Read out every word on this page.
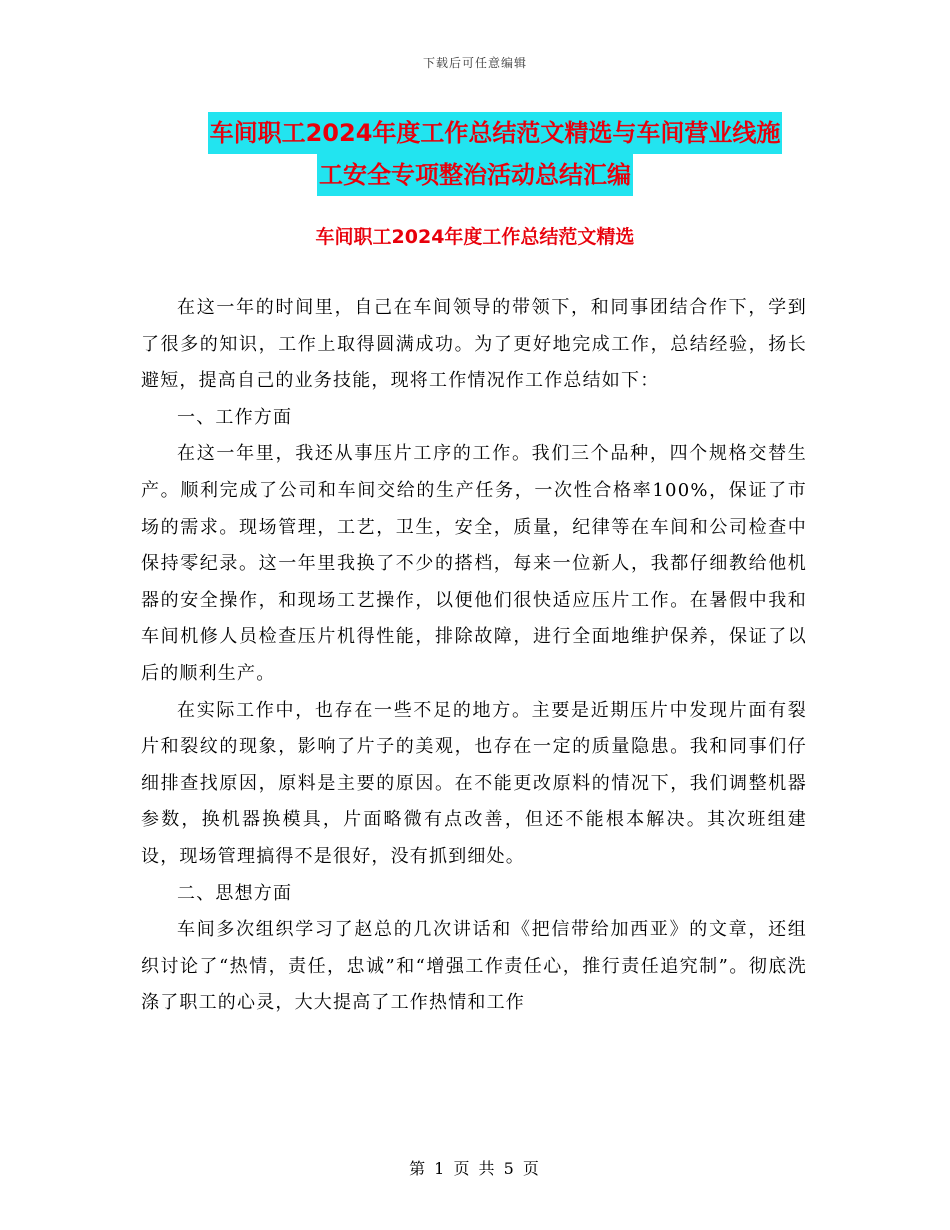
下载后可任意编辑
车间职工2024年度工作总结范文精选与车间营业线施
工安全专项整治活动总结汇编
车间职工2024年度工作总结范文精选

在这一年的时间里，自己在车间领导的带领下，和同事团结合作下，学到了很多的知识，工作上取得圆满成功。为了更好地完成工作，总结经验，扬长避短，提高自己的业务技能，现将工作情况作工作总结如下：

一、工作方面

在这一年里，我还从事压片工序的工作。我们三个品种，四个规格交替生产。顺利完成了公司和车间交给的生产任务，一次性合格率100%，保证了市场的需求。现场管理，工艺，卫生，安全，质量，纪律等在车间和公司检查中保持零纪录。这一年里我换了不少的搭档，每来一位新人，我都仔细教给他机器的安全操作，和现场工艺操作，以便他们很快适应压片工作。在暑假中我和车间机修人员检查压片机得性能，排除故障，进行全面地维护保养，保证了以后的顺利生产。

在实际工作中，也存在一些不足的地方。主要是近期压片中发现片面有裂片和裂纹的现象，影响了片子的美观，也存在一定的质量隐患。我和同事们仔细排查找原因，原料是主要的原因。在不能更改原料的情况下，我们调整机器参数，换机器换模具，片面略微有点改善，但还不能根本解决。其次班组建设，现场管理搞得不是很好，没有抓到细处。

二、思想方面

车间多次组织学习了赵总的几次讲话和《把信带给加西亚》的文章，还组织讨论了“热情，责任，忠诚”和“增强工作责任心，推行责任追究制”。彻底洗涤了职工的心灵，大大提高了工作热情和工作

第 1 页 共 5 页
